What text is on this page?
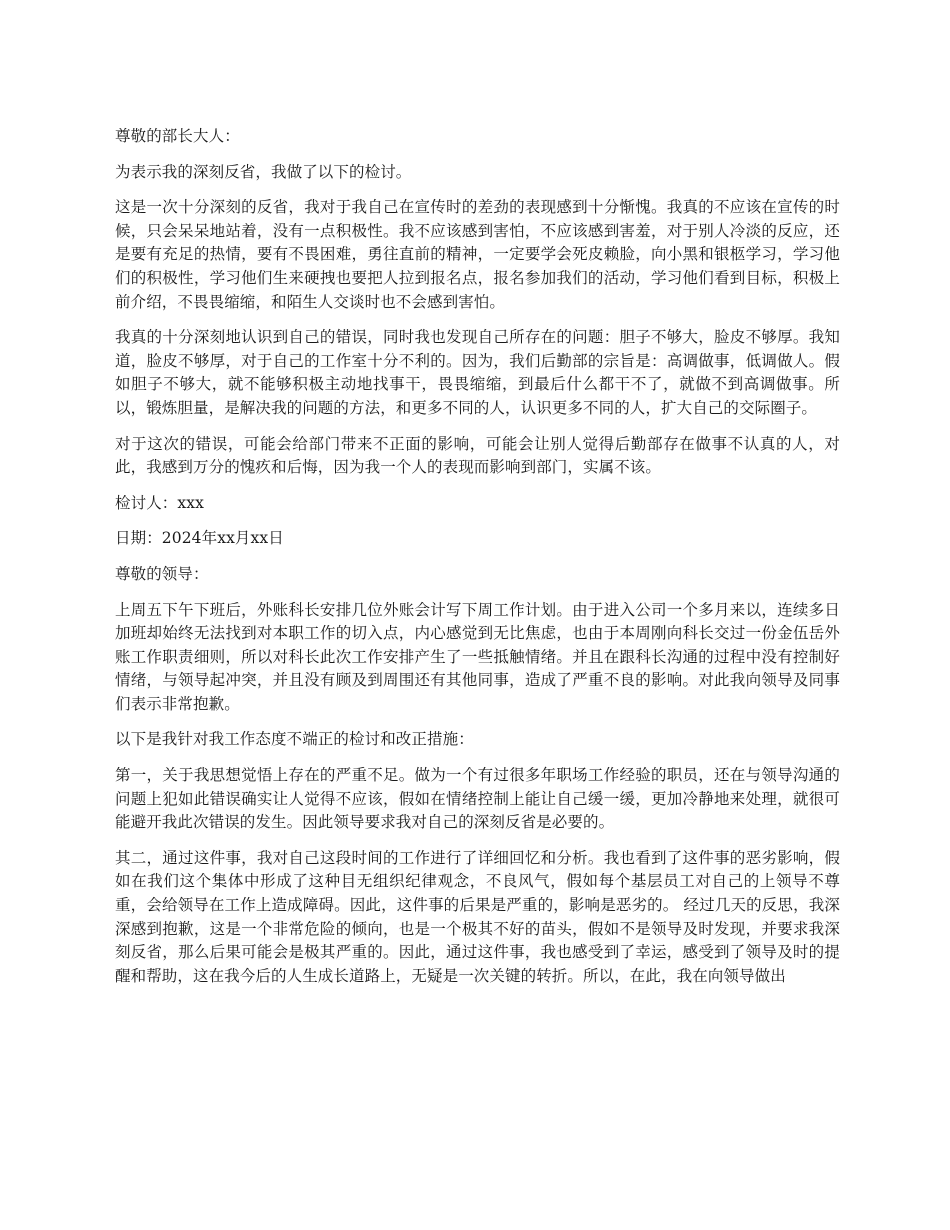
尊敬的部长大人：

为表示我的深刻反省，我做了以下的检讨。

这是一次十分深刻的反省，我对于我自己在宣传时的差劲的表现感到十分惭愧。我真的不应该在宣传的时候，只会呆呆地站着，没有一点积极性。我不应该感到害怕，不应该感到害羞，对于别人冷淡的反应，还是要有充足的热情，要有不畏困难，勇往直前的精神，一定要学会死皮赖脸，向小黑和银柩学习，学习他们的积极性，学习他们生来硬拽也要把人拉到报名点，报名参加我们的活动，学习他们看到目标，积极上前介绍，不畏畏缩缩，和陌生人交谈时也不会感到害怕。

我真的十分深刻地认识到自己的错误，同时我也发现自己所存在的问题：胆子不够大，脸皮不够厚。我知道，脸皮不够厚，对于自己的工作室十分不利的。因为，我们后勤部的宗旨是：高调做事，低调做人。假如胆子不够大，就不能够积极主动地找事干，畏畏缩缩，到最后什么都干不了，就做不到高调做事。所以，锻炼胆量，是解决我的问题的方法，和更多不同的人，认识更多不同的人，扩大自己的交际圈子。

对于这次的错误，可能会给部门带来不正面的影响，可能会让别人觉得后勤部存在做事不认真的人，对此，我感到万分的愧疚和后悔，因为我一个人的表现而影响到部门，实属不该。

检讨人：xxx

日期：2024年xx月xx日

尊敬的领导：

上周五下午下班后，外账科长安排几位外账会计写下周工作计划。由于进入公司一个多月来以，连续多日加班却始终无法找到对本职工作的切入点，内心感觉到无比焦虑，也由于本周刚向科长交过一份金伍岳外账工作职责细则，所以对科长此次工作安排产生了一些抵触情绪。并且在跟科长沟通的过程中没有控制好情绪，与领导起冲突，并且没有顾及到周围还有其他同事，造成了严重不良的影响。对此我向领导及同事们表示非常抱歉。

以下是我针对我工作态度不端正的检讨和改正措施：

第一，关于我思想觉悟上存在的严重不足。做为一个有过很多年职场工作经验的职员，还在与领导沟通的问题上犯如此错误确实让人觉得不应该，假如在情绪控制上能让自己缓一缓，更加冷静地来处理，就很可能避开我此次错误的发生。因此领导要求我对自己的深刻反省是必要的。

其二，通过这件事，我对自己这段时间的工作进行了详细回忆和分析。我也看到了这件事的恶劣影响，假如在我们这个集体中形成了这种目无组织纪律观念，不良风气，假如每个基层员工对自己的上领导不尊重，会给领导在工作上造成障碍。因此，这件事的后果是严重的，影响是恶劣的。 经过几天的反思，我深深感到抱歉，这是一个非常危险的倾向，也是一个极其不好的苗头，假如不是领导及时发现，并要求我深刻反省，那么后果可能会是极其严重的。因此，通过这件事，我也感受到了幸运，感受到了领导及时的提醒和帮助，这在我今后的人生成长道路上，无疑是一次关键的转折。所以，在此，我在向领导做出
